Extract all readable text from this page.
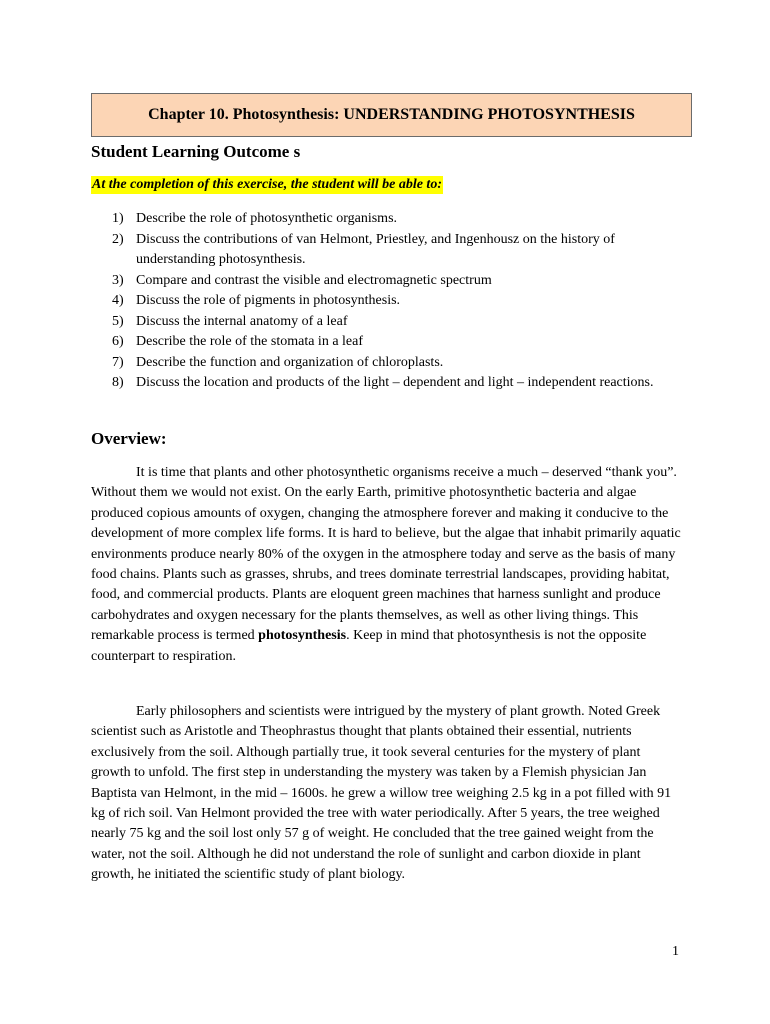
Chapter 10. Photosynthesis: UNDERSTANDING PHOTOSYNTHESIS
Student Learning Outcome s
At the completion of this exercise, the student will be able to:
1) Describe the role of photosynthetic organisms.
2) Discuss the contributions of van Helmont, Priestley, and Ingenhousz on the history of understanding photosynthesis.
3) Compare and contrast the visible and electromagnetic spectrum
4) Discuss the role of pigments in photosynthesis.
5) Discuss the internal anatomy of a leaf
6) Describe the role of the stomata in a leaf
7) Describe the function and organization of chloroplasts.
8) Discuss the location and products of the light – dependent and light – independent reactions.
Overview:

It is time that plants and other photosynthetic organisms receive a much – deserved “thank you”. Without them we would not exist. On the early Earth, primitive photosynthetic bacteria and algae produced copious amounts of oxygen, changing the atmosphere forever and making it conducive to the development of more complex life forms. It is hard to believe, but the algae that inhabit primarily aquatic environments produce nearly 80% of the oxygen in the atmosphere today and serve as the basis of many food chains. Plants such as grasses, shrubs, and trees dominate terrestrial landscapes, providing habitat, food, and commercial products. Plants are eloquent green machines that harness sunlight and produce carbohydrates and oxygen necessary for the plants themselves, as well as other living things. This remarkable process is termed photosynthesis. Keep in mind that photosynthesis is not the opposite counterpart to respiration.

Early philosophers and scientists were intrigued by the mystery of plant growth. Noted Greek scientist such as Aristotle and Theophrastus thought that plants obtained their essential, nutrients exclusively from the soil. Although partially true, it took several centuries for the mystery of plant growth to unfold. The first step in understanding the mystery was taken by a Flemish physician Jan Baptista van Helmont, in the mid – 1600s. he grew a willow tree weighing 2.5 kg in a pot filled with 91 kg of rich soil. Van Helmont provided the tree with water periodically. After 5 years, the tree weighed nearly 75 kg and the soil lost only 57 g of weight. He concluded that the tree gained weight from the water, not the soil. Although he did not understand the role of sunlight and carbon dioxide in plant growth, he initiated the scientific study of plant biology.

1
